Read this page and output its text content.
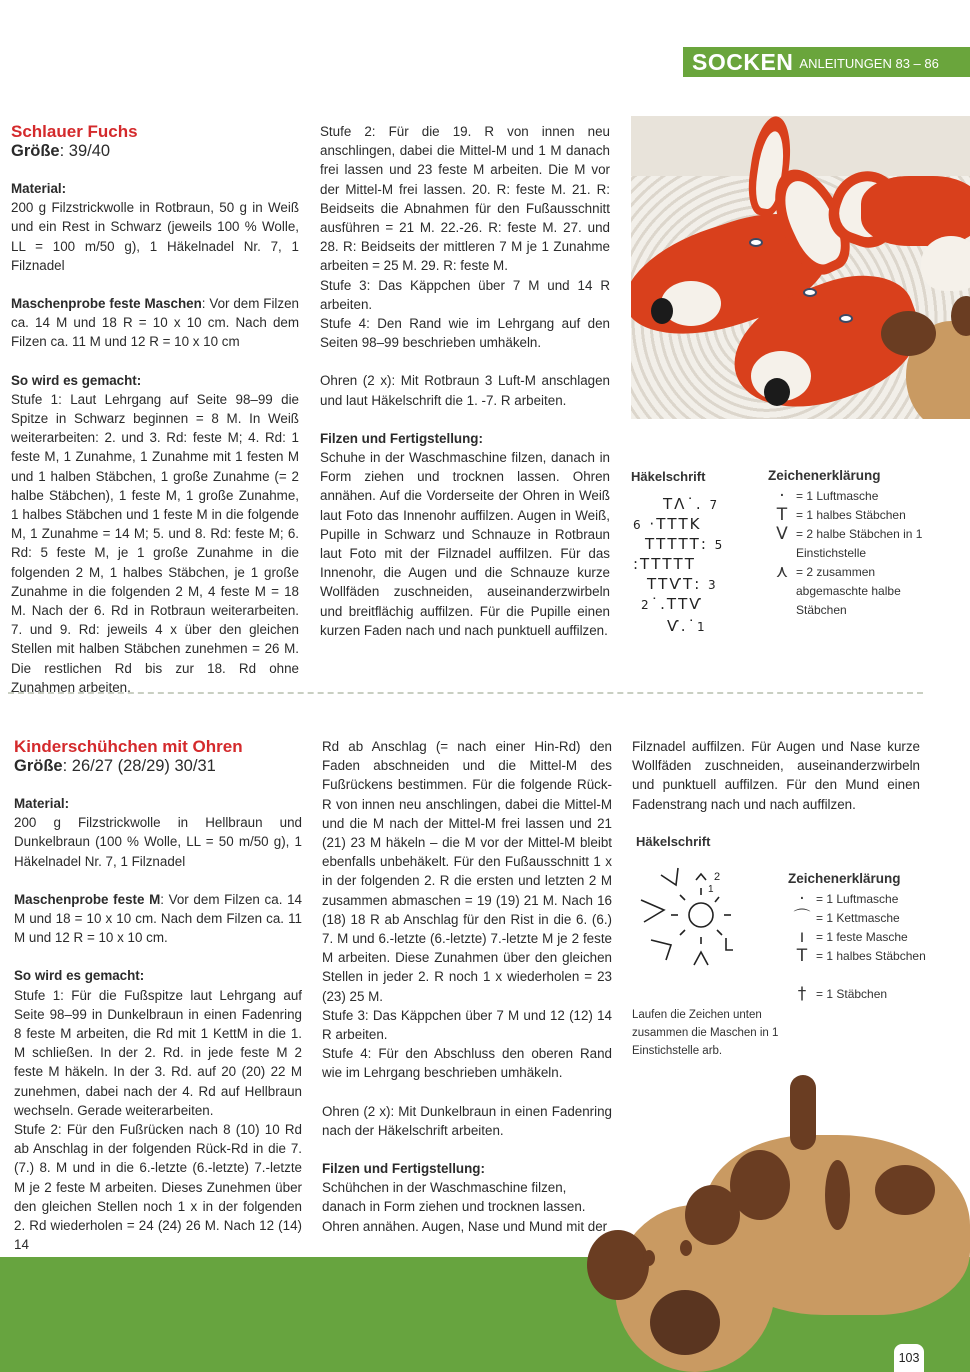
SOCKEN ANLEITUNGEN 83 – 86
Schlauer Fuchs
Größe: 39/40
Material:

200 g Filzstrickwolle in Rotbraun, 50 g in Weiß und ein Rest in Schwarz (jeweils 100 % Wolle, LL = 100 m/50 g), 1 Häkelnadel Nr. 7, 1 Filznadel

Maschenprobe feste Maschen: Vor dem Filzen ca. 14 M und 18 R = 10 x 10 cm. Nach dem Filzen ca. 11 M und 12 R = 10 x 10 cm

So wird es gemacht:

Stufe 1: Laut Lehrgang auf Seite 98–99 die Spitze in Schwarz beginnen = 8 M. In Weiß weiterarbeiten: 2. und 3. Rd: feste M; 4. Rd: 1 feste M, 1 Zunahme, 1 Zunahme mit 1 festen M und 1 halben Stäbchen, 1 große Zunahme (= 2 halbe Stäbchen), 1 feste M, 1 große Zunahme, 1 halbes Stäbchen und 1 feste M in die folgende M, 1 Zunahme = 14 M; 5. und 8. Rd: feste M; 6. Rd: 5 feste M, je 1 große Zunahme in die folgenden 2 M, 1 halbes Stäbchen, je 1 große Zunahme in die folgenden 2 M, 4 feste M = 18 M. Nach der 6. Rd in Rotbraun weiterarbeiten. 7. und 9. Rd: jeweils 4 x über den gleichen Stellen mit halben Stäbchen zunehmen = 26 M. Die restlichen Rd bis zur 18. Rd ohne Zunahmen arbeiten.

Stufe 2: Für die 19. R von innen neu anschlingen, dabei die Mittel-M und 1 M danach frei lassen und 23 feste M arbeiten. Die M vor der Mittel-M frei lassen. 20. R: feste M. 21. R: Beidseits die Abnahmen für den Fußausschnitt ausführen = 21 M. 22.-26. R: feste M. 27. und 28. R: Beidseits der mittleren 7 M je 1 Zunahme arbeiten = 25 M. 29. R: feste M.

Stufe 3: Das Käppchen über 7 M und 14 R arbeiten.

Stufe 4: Den Rand wie im Lehrgang auf den Seiten 98–99 beschrieben umhäkeln.

Ohren (2 x): Mit Rotbraun 3 Luft-M anschlagen und laut Häkelschrift die 1. -7. R arbeiten.

Filzen und Fertigstellung:

Schuhe in der Waschmaschine filzen, danach in Form ziehen und trocknen lassen. Ohren annähen. Auf die Vorderseite der Ohren in Weiß laut Foto das Innenohr auffilzen. Augen in Weiß, Pupille in Schwarz und Schnauze in Rotbraun laut Foto mit der Filznadel auffilzen. Für das Innenohr, die Augen und die Schnauze kurze Wollfäden zuschneiden, auseinanderzwirbeln und breitflächig auffilzen. Für die Pupille einen kurzen Faden nach und nach punktuell auffilzen.

Häkelschrift
ΤΛ˙. 7
6 ·ТТТΚ
ТТТТТ: 5
:ТТТТТ
ΤΤѴΤ: 3
2˙.ТТѴ
Ѵ.˙1
Zeichenerklärung
· = 1 Luftmasche
T = 1 halbes Stäbchen
V = 2 halbe Stäbchen in 1 Einstichstelle
⋏ = 2 zusammen abgemaschte halbe Stäbchen
Kinderschühchen mit Ohren
Größe: 26/27 (28/29) 30/31
Material:

200 g Filzstrickwolle in Hellbraun und Dunkelbraun (100 % Wolle, LL = 50 m/50 g), 1 Häkelnadel Nr. 7, 1 Filznadel

Maschenprobe feste M: Vor dem Filzen ca. 14 M und 18 = 10 x 10 cm. Nach dem Filzen ca. 11 M und 12 R = 10 x 10 cm.

So wird es gemacht:

Stufe 1: Für die Fußspitze laut Lehrgang auf Seite 98–99 in Dunkelbraun in einen Fadenring 8 feste M arbeiten, die Rd mit 1 KettM in die 1. M schließen. In der 2. Rd. in jede feste M 2 feste M häkeln. In der 3. Rd. auf 20 (20) 22 M zunehmen, dabei nach der 4. Rd auf Hellbraun wechseln. Gerade weiterarbeiten.

Stufe 2: Für den Fußrücken nach 8 (10) 10 Rd ab Anschlag in der folgenden Rück-Rd in die 7. (7.) 8. M und in die 6.-letzte (6.-letzte) 7.-letzte M je 2 feste M arbeiten. Dieses Zunehmen über den gleichen Stellen noch 1 x in der folgenden 2. Rd wiederholen = 24 (24) 26 M. Nach 12 (14) 14

Rd ab Anschlag (= nach einer Hin-Rd) den Faden abschneiden und die Mittel-M des Fußrückens bestimmen. Für die folgende Rück-R von innen neu anschlingen, dabei die Mittel-M und die M nach der Mittel-M frei lassen und 21 (21) 23 M häkeln – die M vor der Mittel-M bleibt ebenfalls unbehäkelt. Für den Fußausschnitt 1 x in der folgenden 2. R die ersten und letzten 2 M zusammen abmaschen = 19 (19) 21 M. Nach 16 (18) 18 R ab Anschlag für den Rist in die 6. (6.) 7. M und 6.-letzte (6.-letzte) 7.-letzte M je 2 feste M arbeiten. Diese Zunahmen über den gleichen Stellen in jeder 2. R noch 1 x wiederholen = 23 (23) 25 M.

Stufe 3: Das Käppchen über 7 M und 12 (12) 14 R arbeiten.

Stufe 4: Für den Abschluss den oberen Rand wie im Lehrgang beschrieben umhäkeln.

Ohren (2 x): Mit Dunkelbraun in einen Fadenring nach der Häkelschrift arbeiten.

Filzen und Fertigstellung:

Schühchen in der Waschmaschine filzen, danach in Form ziehen und trocknen lassen. Ohren annähen. Augen, Nase und Mund mit der

Filznadel auffilzen. Für Augen und Nase kurze Wollfäden zuschneiden, auseinanderzwirbeln und punktuell auffilzen. Für den Mund einen Fadenstrang nach und nach auffilzen.

Häkelschrift
2
1
Laufen die Zeichen unten zusammen die Maschen in 1 Einstichstelle arb.
Zeichenerklärung
· = 1 Luftmasche
⌒ = 1 Kettmasche
ı = 1 feste Masche
T = 1 halbes Stäbchen
† = 1 Stäbchen
103
